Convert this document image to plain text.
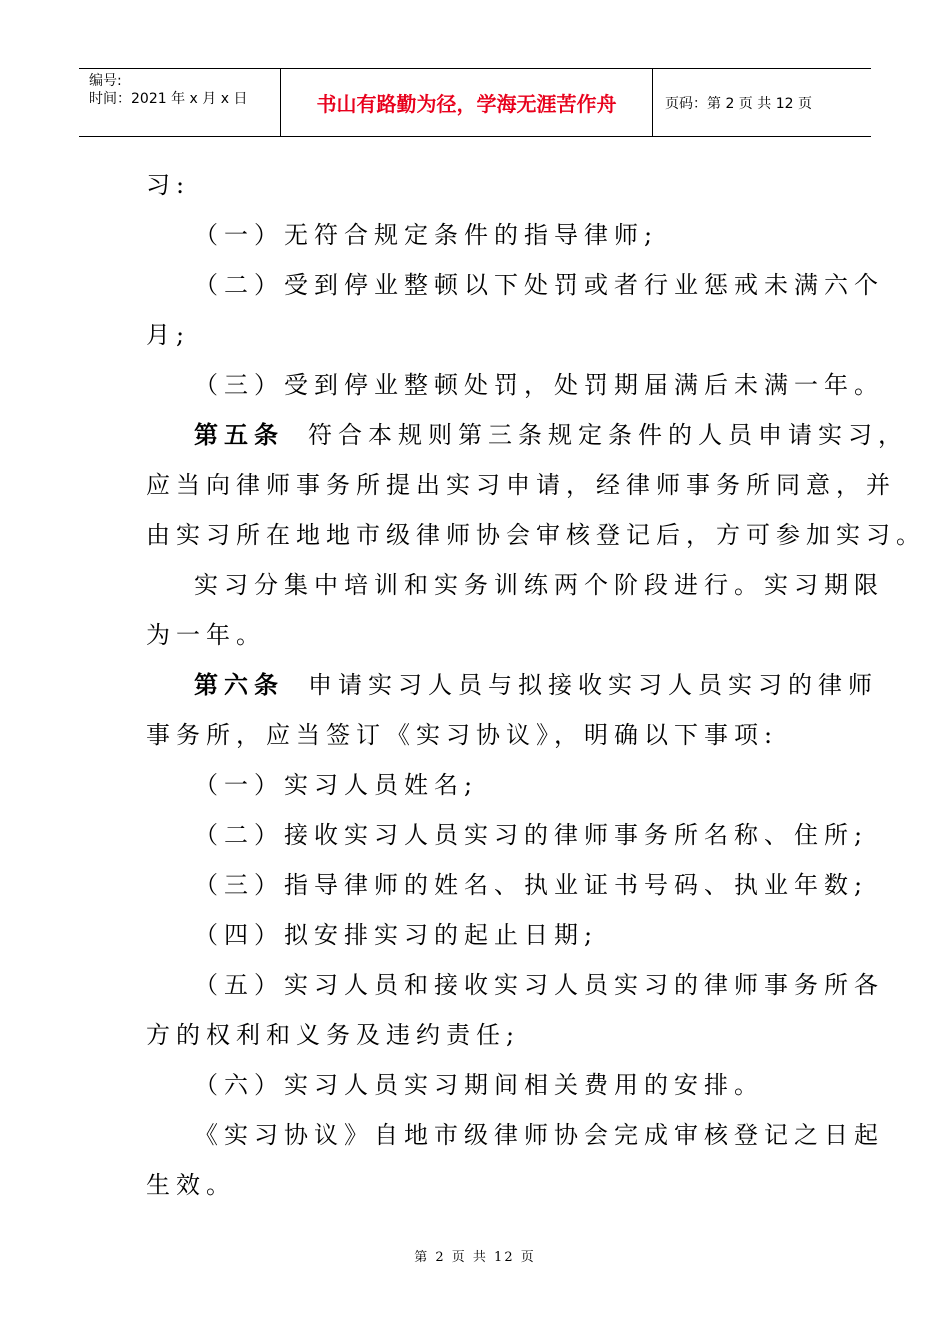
编号:
时间：2021 年 x 月 x 日	书山有路勤为径，学海无涯苦作舟	页码：第 2 页 共 12 页
习:
（一）无符合规定条件的指导律师;
（二）受到停业整顿以下处罚或者行业惩戒未满六个
月;
（三）受到停业整顿处罚，处罚期届满后未满一年。
第五条 符合本规则第三条规定条件的人员申请实习，
应当向律师事务所提出实习申请，经律师事务所同意，并
由实习所在地地市级律师协会审核登记后，方可参加实习。
实习分集中培训和实务训练两个阶段进行。实习期限
为一年。
第六条 申请实习人员与拟接收实习人员实习的律师
事务所，应当签订《实习协议》，明确以下事项:
（一）实习人员姓名;
（二）接收实习人员实习的律师事务所名称、住所;
（三）指导律师的姓名、执业证书号码、执业年数;
（四）拟安排实习的起止日期;
（五）实习人员和接收实习人员实习的律师事务所各
方的权利和义务及违约责任;
（六）实习人员实习期间相关费用的安排。
《实习协议》自地市级律师协会完成审核登记之日起
生效。
第 2 页 共 12 页
